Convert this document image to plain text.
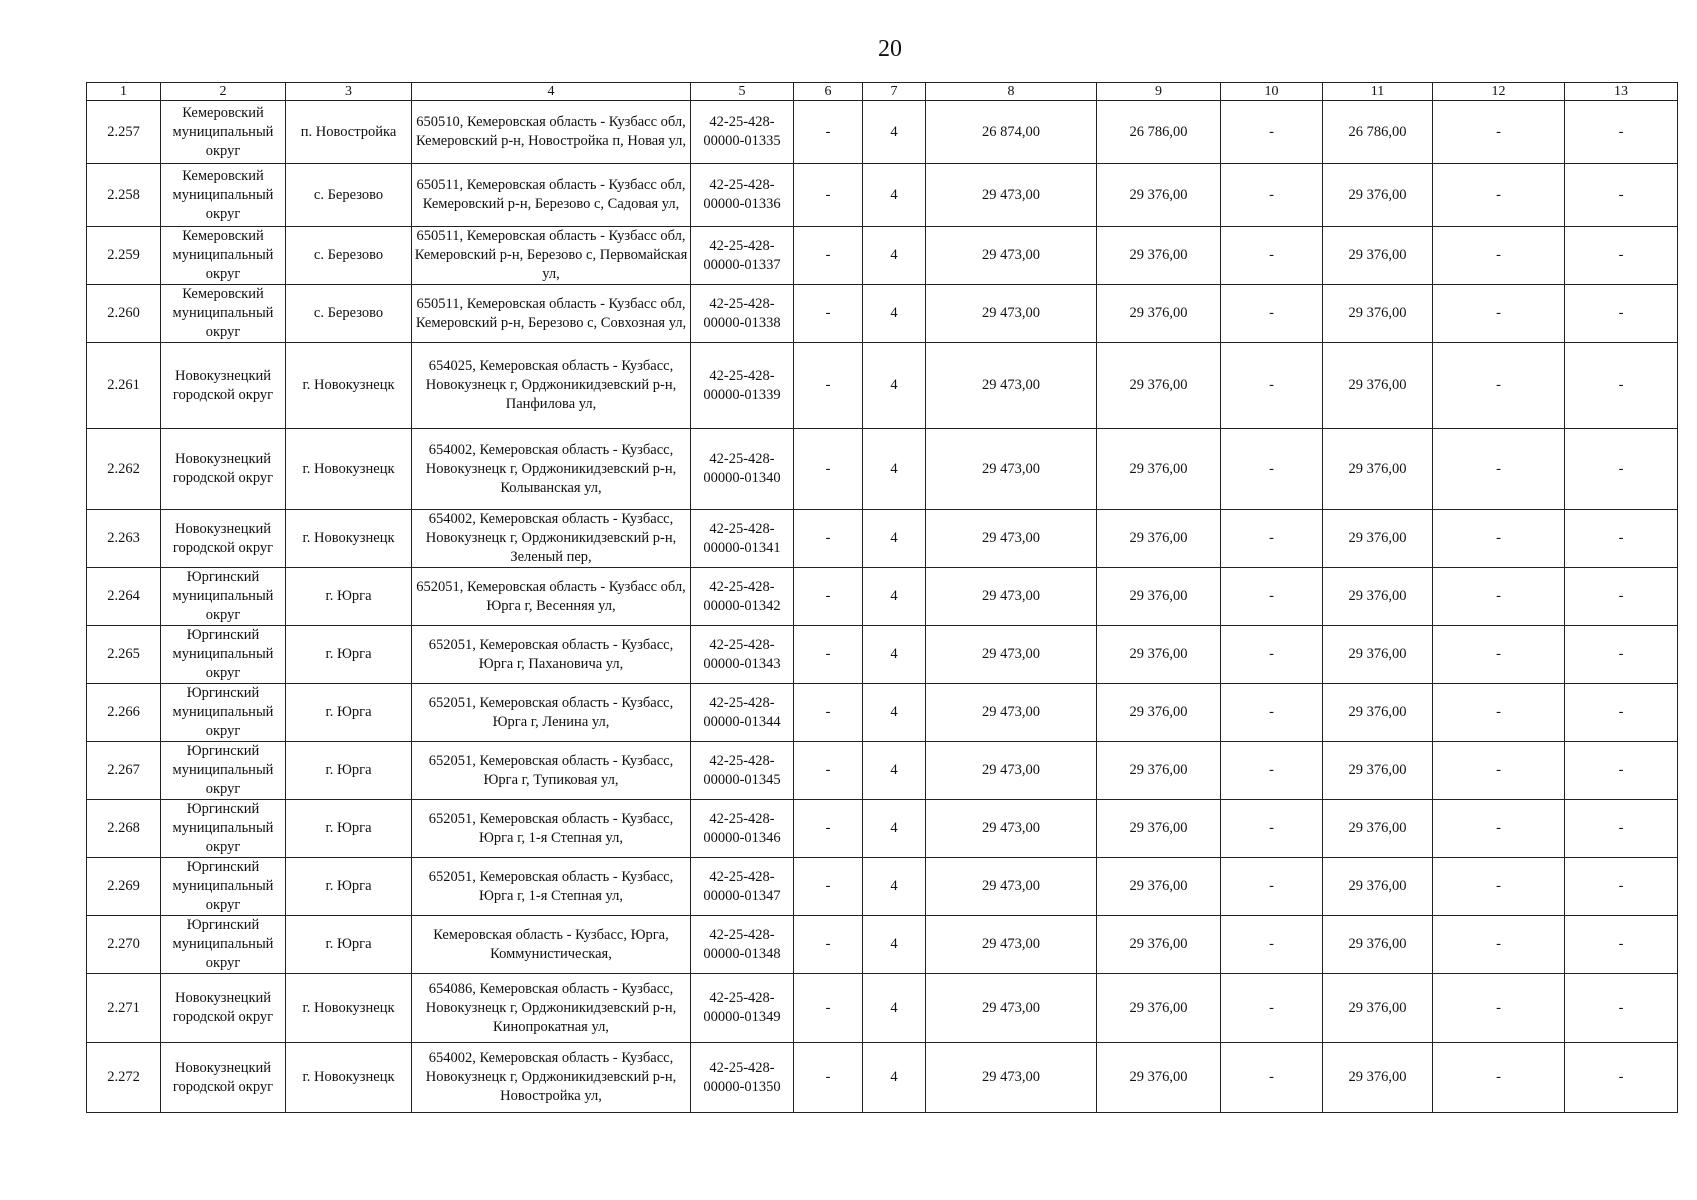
20
1	2	3	4	5	6	7	8	9	10	11	12	13
2.257	Кемеровский муниципальный округ	п. Новостройка	650510, Кемеровская область - Кузбасс обл, Кемеровский р-н, Новостройка п, Новая ул,	42-25-428-00000-01335	-	4	26 874,00	26 786,00	-	26 786,00	-	-
2.258	Кемеровский муниципальный округ	с. Березово	650511, Кемеровская область - Кузбасс обл, Кемеровский р-н, Березово с, Садовая ул,	42-25-428-00000-01336	-	4	29 473,00	29 376,00	-	29 376,00	-	-
2.259	Кемеровский муниципальный округ	с. Березово	650511, Кемеровская область - Кузбасс обл, Кемеровский р-н, Березово с, Первомайская ул,	42-25-428-00000-01337	-	4	29 473,00	29 376,00	-	29 376,00	-	-
2.260	Кемеровский муниципальный округ	с. Березово	650511, Кемеровская область - Кузбасс обл, Кемеровский р-н, Березово с, Совхозная ул,	42-25-428-00000-01338	-	4	29 473,00	29 376,00	-	29 376,00	-	-
2.261	Новокузнецкий городской округ	г. Новокузнецк	654025, Кемеровская область - Кузбасс, Новокузнецк г, Орджоникидзевский р-н, Панфилова ул,	42-25-428-00000-01339	-	4	29 473,00	29 376,00	-	29 376,00	-	-
2.262	Новокузнецкий городской округ	г. Новокузнецк	654002, Кемеровская область - Кузбасс, Новокузнецк г, Орджоникидзевский р-н, Колыванская ул,	42-25-428-00000-01340	-	4	29 473,00	29 376,00	-	29 376,00	-	-
2.263	Новокузнецкий городской округ	г. Новокузнецк	654002, Кемеровская область - Кузбасс, Новокузнецк г, Орджоникидзевский р-н, Зеленый пер,	42-25-428-00000-01341	-	4	29 473,00	29 376,00	-	29 376,00	-	-
2.264	Юргинский муниципальный округ	г. Юрга	652051, Кемеровская область - Кузбасс обл, Юрга г, Весенняя ул,	42-25-428-00000-01342	-	4	29 473,00	29 376,00	-	29 376,00	-	-
2.265	Юргинский муниципальный округ	г. Юрга	652051, Кемеровская область - Кузбасс, Юрга г, Пахановича ул,	42-25-428-00000-01343	-	4	29 473,00	29 376,00	-	29 376,00	-	-
2.266	Юргинский муниципальный округ	г. Юрга	652051, Кемеровская область - Кузбасс, Юрга г, Ленина ул,	42-25-428-00000-01344	-	4	29 473,00	29 376,00	-	29 376,00	-	-
2.267	Юргинский муниципальный округ	г. Юрга	652051, Кемеровская область - Кузбасс, Юрга г, Тупиковая ул,	42-25-428-00000-01345	-	4	29 473,00	29 376,00	-	29 376,00	-	-
2.268	Юргинский муниципальный округ	г. Юрга	652051, Кемеровская область - Кузбасс, Юрга г, 1-я Степная ул,	42-25-428-00000-01346	-	4	29 473,00	29 376,00	-	29 376,00	-	-
2.269	Юргинский муниципальный округ	г. Юрга	652051, Кемеровская область - Кузбасс, Юрга г, 1-я Степная ул,	42-25-428-00000-01347	-	4	29 473,00	29 376,00	-	29 376,00	-	-
2.270	Юргинский муниципальный округ	г. Юрга	Кемеровская область - Кузбасс, Юрга, Коммунистическая,	42-25-428-00000-01348	-	4	29 473,00	29 376,00	-	29 376,00	-	-
2.271	Новокузнецкий городской округ	г. Новокузнецк	654086, Кемеровская область - Кузбасс, Новокузнецк г, Орджоникидзевский р-н, Кинопрокатная ул,	42-25-428-00000-01349	-	4	29 473,00	29 376,00	-	29 376,00	-	-
2.272	Новокузнецкий городской округ	г. Новокузнецк	654002, Кемеровская область - Кузбасс, Новокузнецк г, Орджоникидзевский р-н, Новостройка ул,	42-25-428-00000-01350	-	4	29 473,00	29 376,00	-	29 376,00	-	-
